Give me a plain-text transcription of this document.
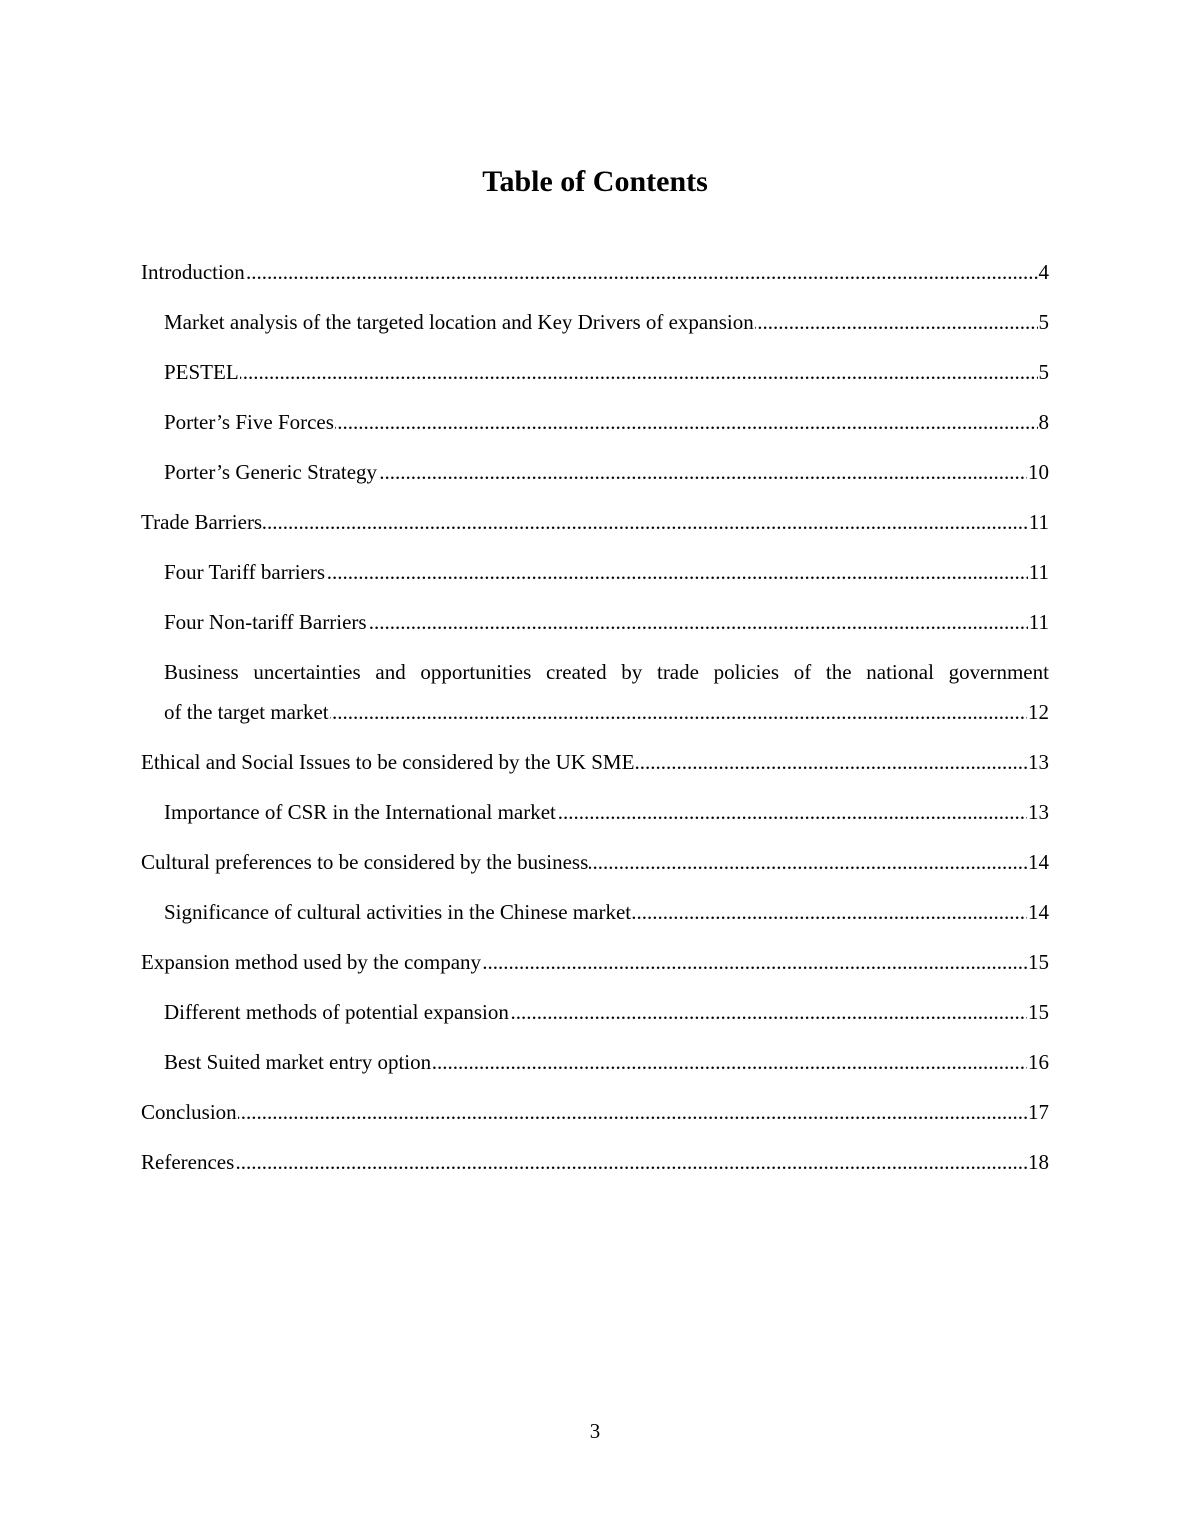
Table of Contents
.....
Introduction	4
.....
Market analysis of the targeted location and Key Drivers of expansion	5
.....
PESTEL	5
.....
Porter’s Five Forces	8
.....
Porter’s Generic Strategy	10
.....
Trade Barriers	11
.....
Four Tariff barriers	11
.....
Four Non-tariff Barriers	11
Business uncertainties and opportunities created by trade policies of the national government
.....
of the target market	12
.....
Ethical and Social Issues to be considered by the UK SME	13
.....
Importance of CSR in the International market	13
.....
Cultural preferences to be considered by the business	14
.....
Significance of cultural activities in the Chinese market	14
.....
Expansion method used by the company	15
.....
Different methods of potential expansion	15
.....
Best Suited market entry option	16
.....
Conclusion	17
.....
References	18
3
